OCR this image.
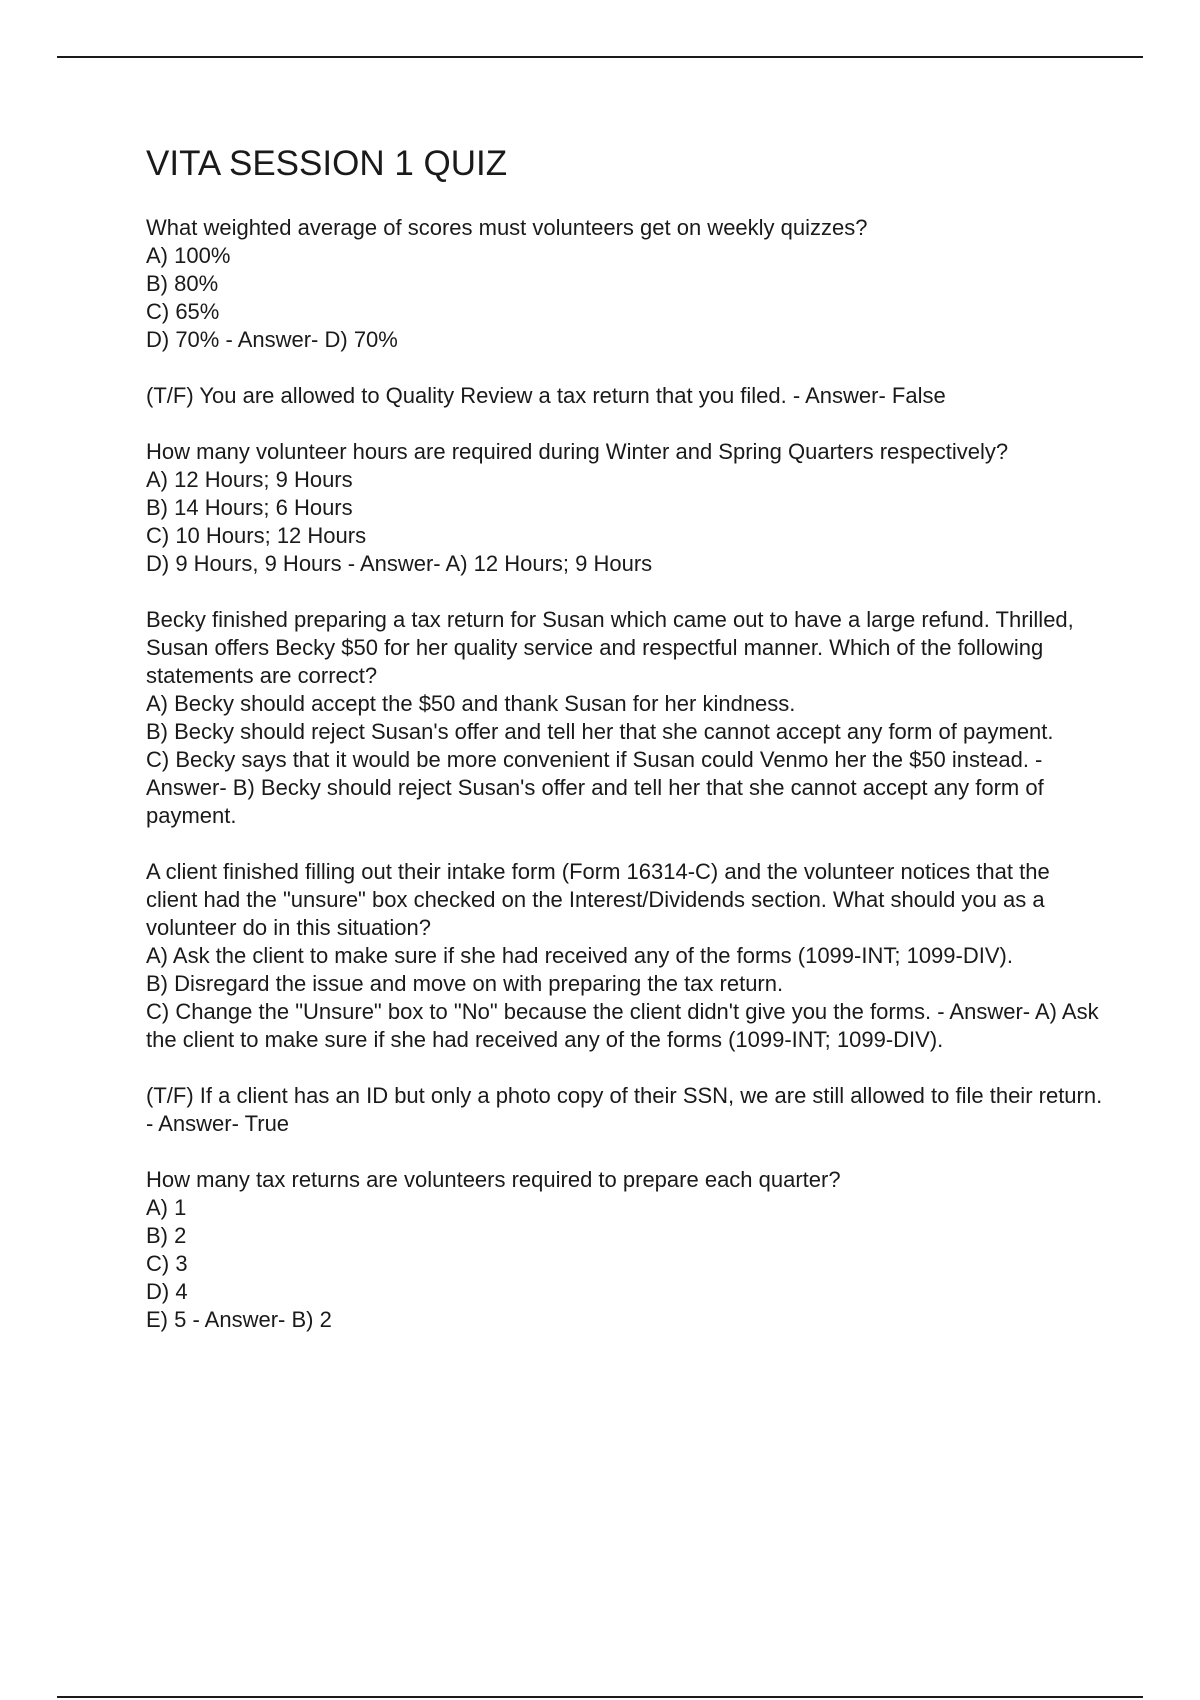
VITA SESSION 1 QUIZ

What weighted average of scores must volunteers get on weekly quizzes?

A) 100%

B) 80%

C) 65%

D) 70% - Answer- D) 70%

(T/F) You are allowed to Quality Review a tax return that you filed. - Answer- False

How many volunteer hours are required during Winter and Spring Quarters respectively?

A) 12 Hours; 9 Hours

B) 14 Hours; 6 Hours

C) 10 Hours; 12 Hours

D) 9 Hours, 9 Hours - Answer- A) 12 Hours; 9 Hours

Becky finished preparing a tax return for Susan which came out to have a large refund. Thrilled, Susan offers Becky $50 for her quality service and respectful manner. Which of the following statements are correct?

A) Becky should accept the $50 and thank Susan for her kindness.

B) Becky should reject Susan's offer and tell her that she cannot accept any form of payment.

C) Becky says that it would be more convenient if Susan could Venmo her the $50 instead. - Answer- B) Becky should reject Susan's offer and tell her that she cannot accept any form of payment.

A client finished filling out their intake form (Form 16314-C) and the volunteer notices that the client had the "unsure" box checked on the Interest/Dividends section. What should you as a volunteer do in this situation?

A) Ask the client to make sure if she had received any of the forms (1099-INT; 1099-DIV).

B) Disregard the issue and move on with preparing the tax return.

C) Change the "Unsure" box to "No" because the client didn't give you the forms. - Answer- A) Ask the client to make sure if she had received any of the forms (1099-INT; 1099-DIV).

(T/F) If a client has an ID but only a photo copy of their SSN, we are still allowed to file their return. - Answer- True

How many tax returns are volunteers required to prepare each quarter?

A) 1

B) 2

C) 3

D) 4

E) 5 - Answer- B) 2
